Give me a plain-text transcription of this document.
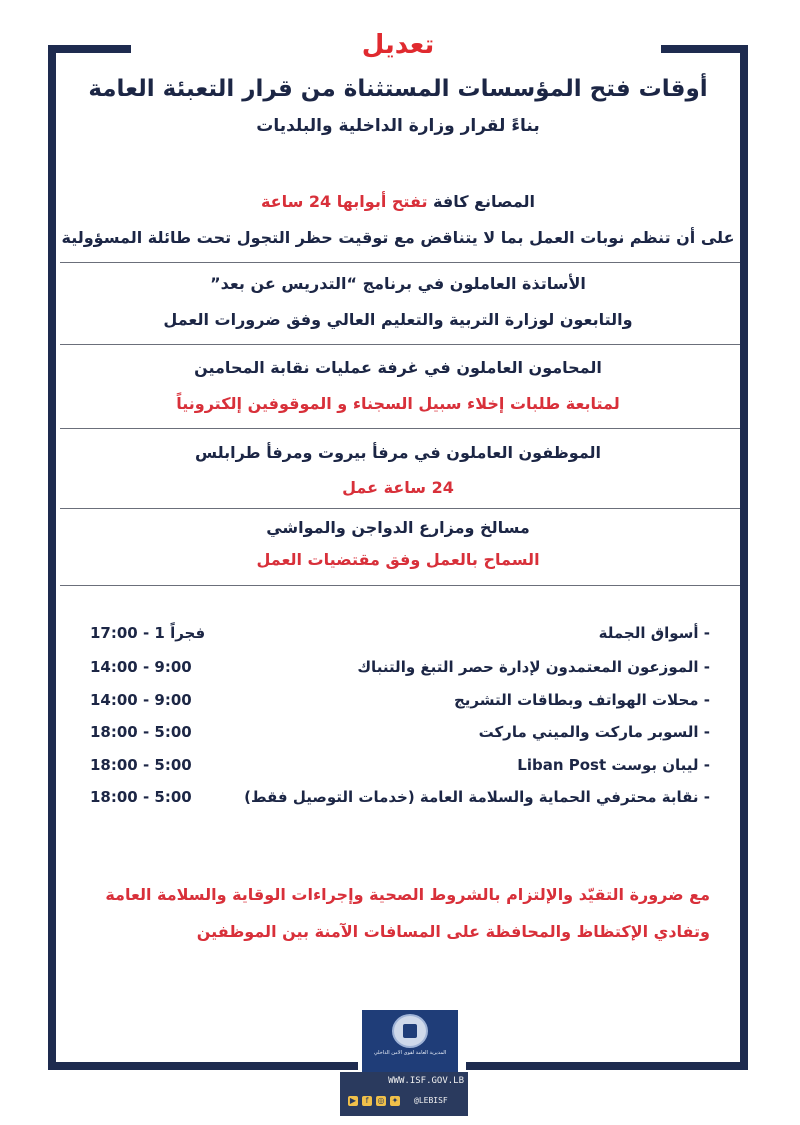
تعديل
أوقات فتح المؤسسات المستثناة من قرار التعبئة العامة
بناءً لقرار وزارة الداخلية والبلديات
المصانع كافة تفتح أبوابها 24 ساعة
على أن تنظم نوبات العمل بما لا يتناقض مع توقيت حظر التجول تحت طائلة المسؤولية
الأساتذة العاملون في برنامج “التدريس عن بعد”
والتابعون لوزارة التربية والتعليم العالي وفق ضرورات العمل
المحامون العاملون في غرفة عمليات نقابة المحامين
لمتابعة طلبات إخلاء سبيل السجناء و الموقوفين إلكترونياً
الموظفون العاملون في مرفأ بيروت ومرفأ طرابلس
24 ساعة عمل
مسالخ ومزارع الدواجن والمواشي
السماح بالعمل وفق مقتضيات العمل
- أسواق الجملة
17:00 - 1 فجراً
- الموزعون المعتمدون لإدارة حصر التبغ والتنباك
14:00 - 9:00
- محلات الهواتف وبطاقات التشريج
14:00 - 9:00
- السوبر ماركت والميني ماركت
18:00 - 5:00
- ليبان بوست Liban Post
18:00 - 5:00
- نقابة محترفي الحماية والسلامة العامة (خدمات التوصيل فقط)
18:00 - 5:00
مع ضرورة التقيّد والإلتزام بالشروط الصحية وإجراءات الوقاية والسلامة العامة
وتفادي الإكتظاظ والمحافظة على المسافات الآمنة بين الموظفين
المديرية العامة لقوى الأمن الداخلي
WWW.ISF.GOV.LB
▶	f	◎ ✦ @LEBISF
